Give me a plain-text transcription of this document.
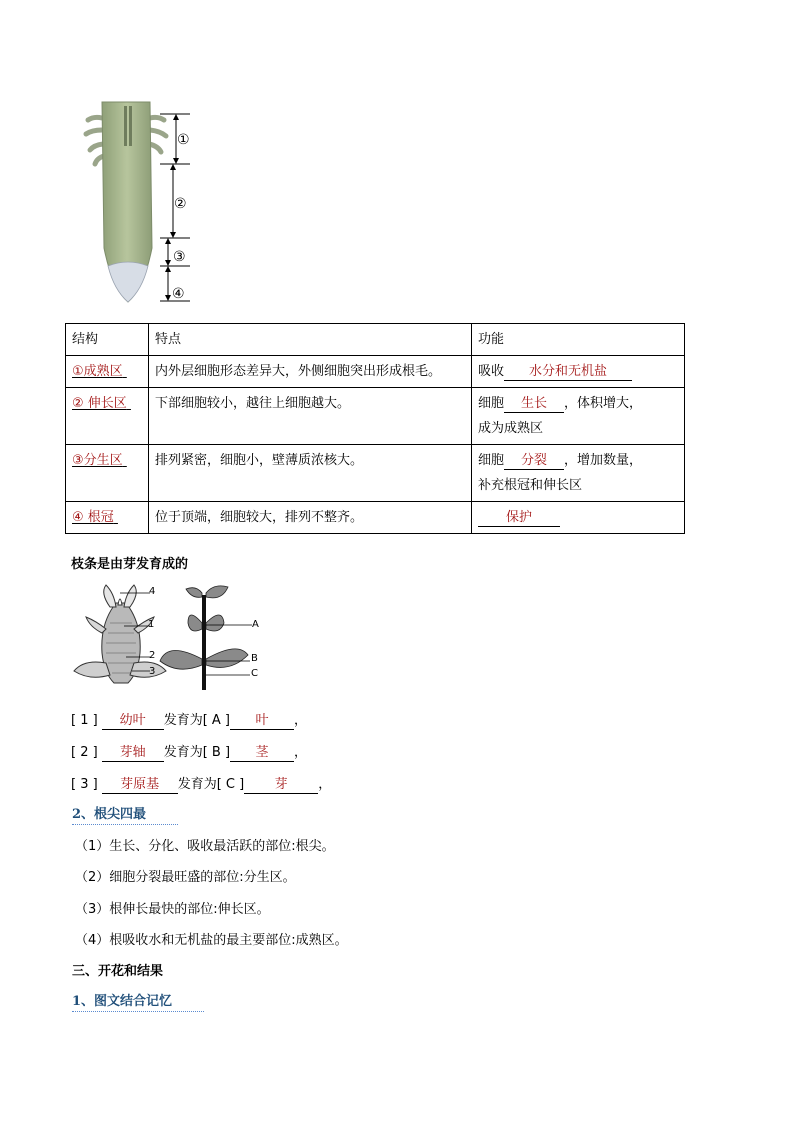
①
②
③
④
结构	特点	功能
①成熟区	内外层细胞形态差异大，外侧细胞突出形成根毛。	吸收 水分和无机盐
② 伸长区	下部细胞较小，越往上细胞越大。	细胞 生长 ，体积增大，
成为成熟区
③分生区	排列紧密，细胞小，壁薄质浓核大。	细胞 分裂 ，增加数量，
补充根冠和伸长区
④ 根冠	位于顶端，细胞较大，排列不整齐。	保护
枝条是由芽发育成的
4
1
2
3
A
B
C
[ 1 ] 幼叶 发育为[ A ] 叶 ，
[ 2 ] 芽轴 发育为[ B ] 茎 ，
[ 3 ] 芽原基 发育为[ C ] 芽 ，
2、根尖四最
（1）生长、分化、吸收最活跃的部位:根尖。
（2）细胞分裂最旺盛的部位:分生区。
（3）根伸长最快的部位:伸长区。
（4）根吸收水和无机盐的最主要部位:成熟区。
三、开花和结果
1、图文结合记忆
